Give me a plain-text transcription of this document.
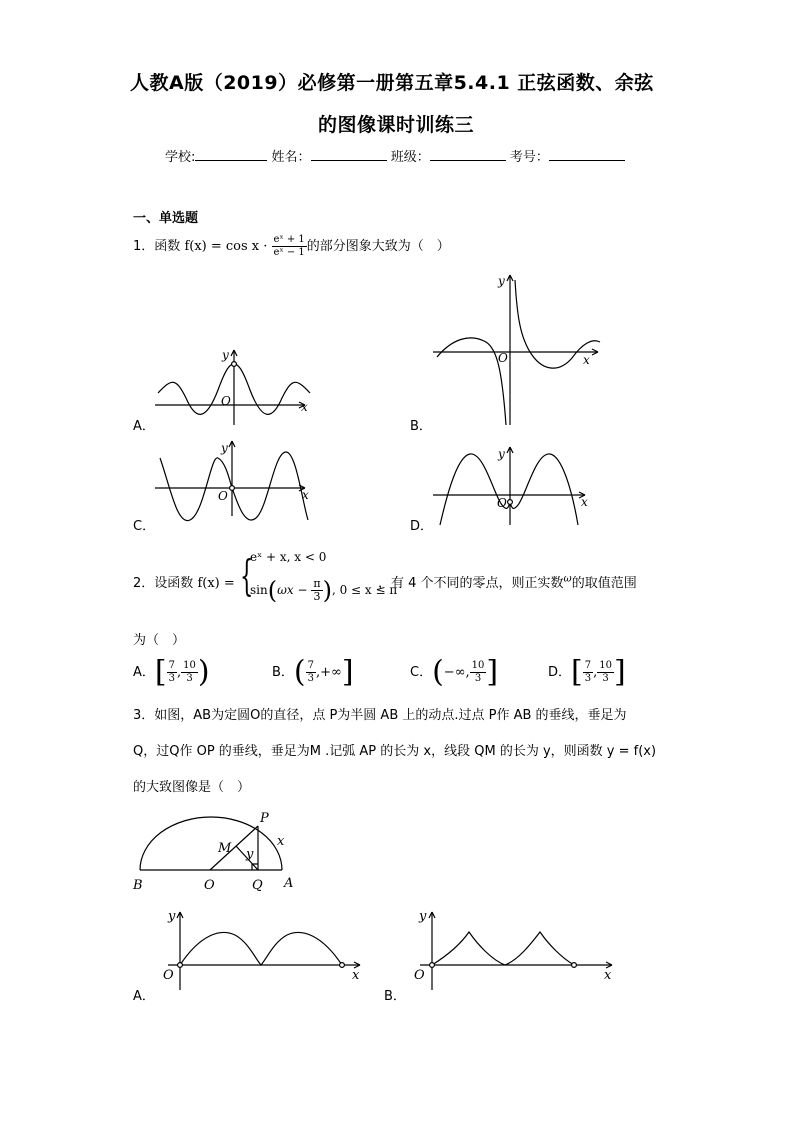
人教A版（2019）必修第一册第五章5.4.1 正弦函数、余弦
的图像课时训练三
学校:	姓名：	班级：	考号：
一、单选题
1．函数 $f(x) = \cos x \cdot \frac{\text{eˣ + 1}}{\text{eˣ − 1}}$ 的部分图象大致为（　）
y
x
O
y
x
O
y
x
O
y
x
O
A．	B．
C．	D．
2．设函数 f(x) = {
eˣ + x, x < 0
$\sin(\omega x - \frac{\pi}{3}$ ), 0 ≤ x ≤ π
，有 4 个不同的零点，则正实数$^\omega$的取值范围
为（　）
A．[ $\frac{7}{3}$ , $\frac{10}{3}$ )	B．( $\frac{7}{3}$ ,+∞]	C．(−∞, $\frac{10}{3}$ ]	D．[ $\frac{7}{3}$ , $\frac{10}{3}$ ]
3．如图，AB为定圆O的直径，点 P为半圆 AB 上的动点.过点 P作 AB 的垂线，垂足为
Q，过Q作 OP 的垂线，垂足为M .记弧 AP 的长为 x，线段 QM 的长为 y，则函数 y = f(x)
的大致图像是（　）
P
x
M y
B	O	Q A
y
x
O
y
x
O
A．	B．
